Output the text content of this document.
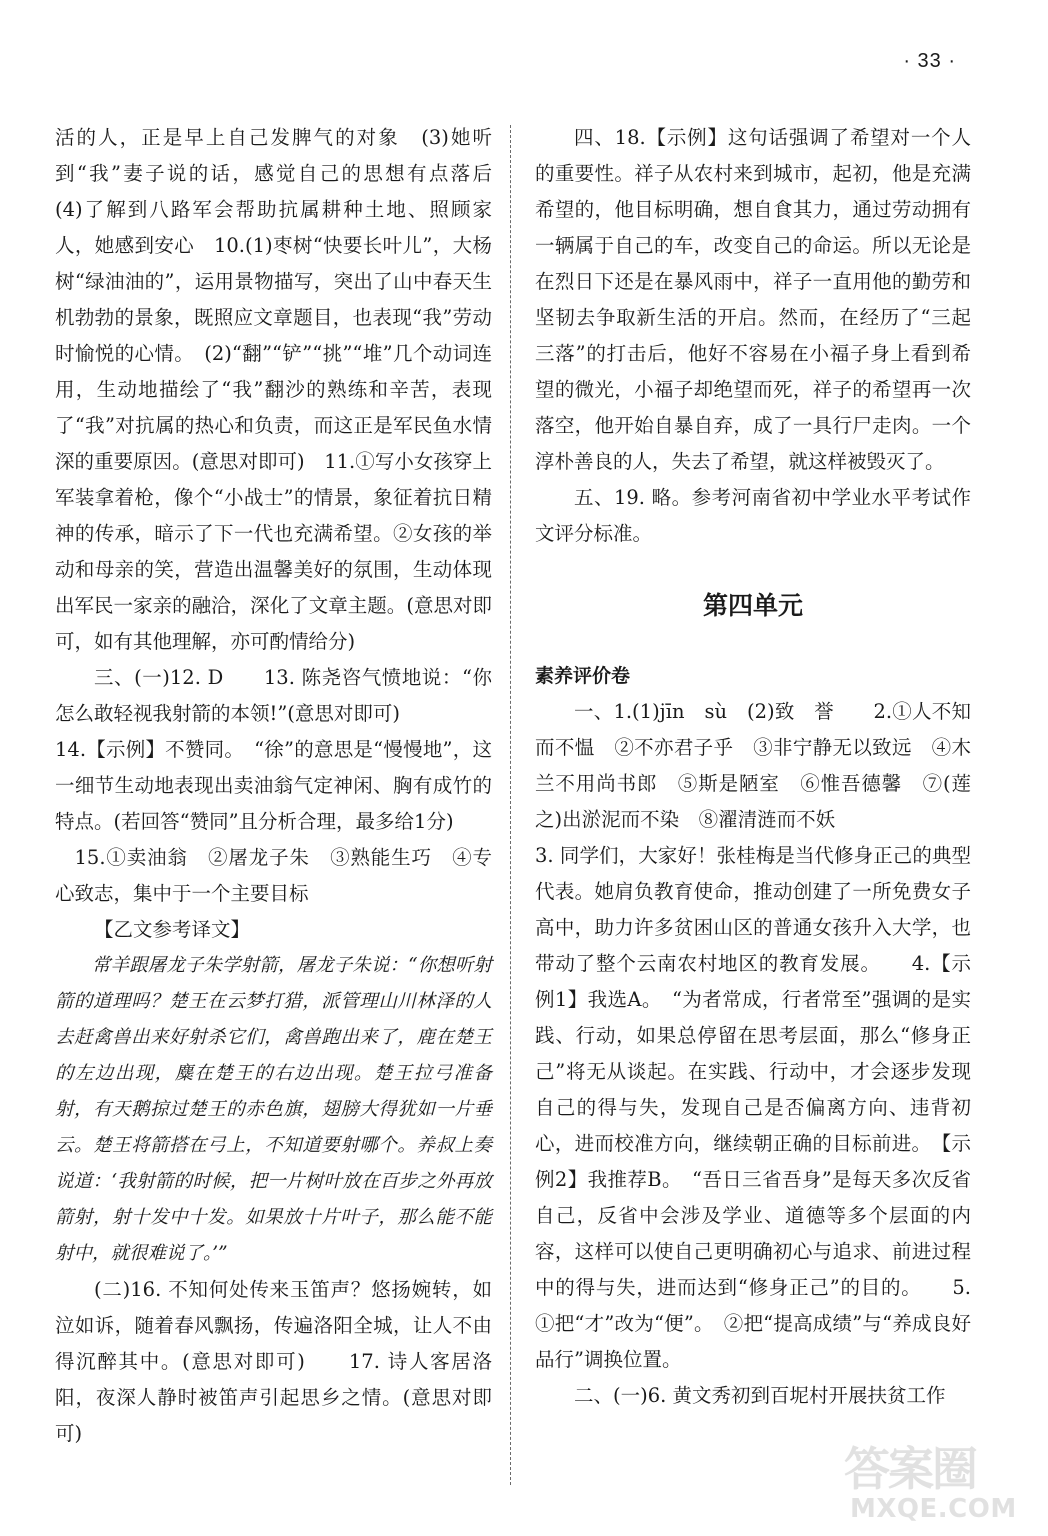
· 33 ·

活的人，正是早上自己发脾气的对象　(3)她听到“我”妻子说的话，感觉自己的思想有点落后　(4)了解到八路军会帮助抗属耕种土地、照顾家人，她感到安心　10.(1)枣树“快要长叶儿”，大杨树“绿油油的”，运用景物描写，突出了山中春天生机勃勃的景象，既照应文章题目，也表现“我”劳动时愉悦的心情。　(2)“翻”“铲”“挑”“堆”几个动词连用，生动地描绘了“我”翻沙的熟练和辛苦，表现了“我”对抗属的热心和负责，而这正是军民鱼水情深的重要原因。(意思对即可)　11.①写小女孩穿上军装拿着枪，像个“小战士”的情景，象征着抗日精神的传承，暗示了下一代也充满希望。②女孩的举动和母亲的笑，营造出温馨美好的氛围，生动体现出军民一家亲的融洽，深化了文章主题。(意思对即可，如有其他理解，亦可酌情给分)

三、(一)12. D　　13. 陈尧咨气愤地说：“你怎么敢轻视我射箭的本领!”(意思对即可)

14.【示例】不赞同。　“徐”的意思是“慢慢地”，这一细节生动地表现出卖油翁气定神闲、胸有成竹的特点。(若回答“赞同”且分析合理，最多给1分)

15.①卖油翁　②屠龙子朱　③熟能生巧　④专心致志，集中于一个主要目标

【乙文参考译文】

常羊跟屠龙子朱学射箭，屠龙子朱说：“你想听射箭的道理吗？楚王在云梦打猎，派管理山川林泽的人去赶禽兽出来好射杀它们，禽兽跑出来了，鹿在楚王的左边出现，麋在楚王的右边出现。楚王拉弓准备射，有天鹅掠过楚王的赤色旗，翅膀大得犹如一片垂云。楚王将箭搭在弓上，不知道要射哪个。养叔上奏说道：‘我射箭的时候，把一片树叶放在百步之外再放箭射，射十发中十发。如果放十片叶子，那么能不能射中，就很难说了。’”

(二)16. 不知何处传来玉笛声？悠扬婉转，如泣如诉，随着春风飘扬，传遍洛阳全城，让人不由得沉醉其中。(意思对即可)　　17. 诗人客居洛阳，夜深人静时被笛声引起思乡之情。(意思对即可)

四、18.【示例】这句话强调了希望对一个人的重要性。祥子从农村来到城市，起初，他是充满希望的，他目标明确，想自食其力，通过劳动拥有一辆属于自己的车，改变自己的命运。所以无论是在烈日下还是在暴风雨中，祥子一直用他的勤劳和坚韧去争取新生活的开启。然而，在经历了“三起三落”的打击后，他好不容易在小福子身上看到希望的微光，小福子却绝望而死，祥子的希望再一次落空，他开始自暴自弃，成了一具行尸走肉。一个淳朴善良的人，失去了希望，就这样被毁灭了。

五、19. 略。参考河南省初中学业水平考试作文评分标准。

第四单元

素养评价卷

一、1.(1)jīn　sù　(2)致　誉　　2.①人不知而不愠　②不亦君子乎　③非宁静无以致远　④木兰不用尚书郎　⑤斯是陋室　⑥惟吾德馨　⑦(莲之)出淤泥而不染　⑧濯清涟而不妖

3. 同学们，大家好！张桂梅是当代修身正己的典型代表。她肩负教育使命，推动创建了一所免费女子高中，助力许多贫困山区的普通女孩升入大学，也带动了整个云南农村地区的教育发展。　　4.【示例1】我选A。　“为者常成，行者常至”强调的是实践、行动，如果总停留在思考层面，那么“修身正己”将无从谈起。在实践、行动中，才会逐步发现自己的得与失，发现自己是否偏离方向、违背初心，进而校准方向，继续朝正确的目标前进。　【示例2】我推荐B。　“吾日三省吾身”是每天多次反省自己，反省中会涉及学业、道德等多个层面的内容，这样可以使自己更明确初心与追求、前进过程中的得与失，进而达到“修身正己”的目的。　　5.①把“才”改为“便”。　②把“提高成绩”与“养成良好品行”调换位置。

二、(一)6. 黄文秀初到百坭村开展扶贫工作

答案圈
MXQE.COM
